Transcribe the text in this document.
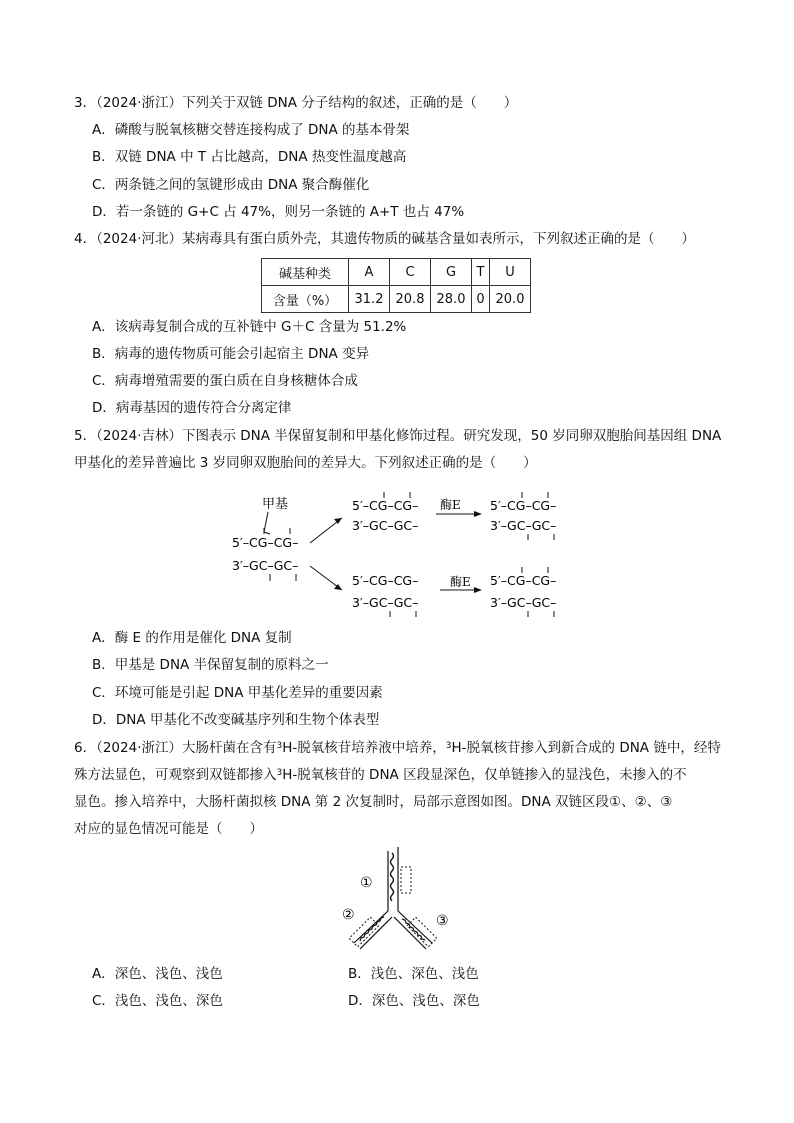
3．（2024·浙江）下列关于双链 DNA 分子结构的叙述，正确的是（　　）
A．磷酸与脱氧核糖交替连接构成了 DNA 的基本骨架
B．双链 DNA 中 T 占比越高，DNA 热变性温度越高
C．两条链之间的氢键形成由 DNA 聚合酶催化
D．若一条链的 G+C 占 47%，则另一条链的 A+T 也占 47%
4．（2024·河北）某病毒具有蛋白质外壳，其遗传物质的碱基含量如表所示，下列叙述正确的是（　　）
碱基种类	A	C	G	T	U
含量（%）	31.2	20.8	28.0	0	20.0
A．该病毒复制合成的互补链中 G＋C 含量为 51.2%
B．病毒的遗传物质可能会引起宿主 DNA 变异
C．病毒增殖需要的蛋白质在自身核糖体合成
D．病毒基因的遗传符合分离定律
5．（2024·吉林）下图表示 DNA 半保留复制和甲基化修饰过程。研究发现，50 岁同卵双胞胎间基因组 DNA
甲基化的差异普遍比 3 岁同卵双胞胎间的差异大。下列叙述正确的是（　　）
甲基
5′–CG–CG–
3′–GC–GC–
5′–CG–CG–
3′–GC–GC–
酶E 5′–CG–CG–
3′–GC–GC–
5′–CG–CG–
3′–GC–GC–
酶E 5′–CG–CG–
3′–GC–GC–
A．酶 E 的作用是催化 DNA 复制
B．甲基是 DNA 半保留复制的原料之一
C．环境可能是引起 DNA 甲基化差异的重要因素
D．DNA 甲基化不改变碱基序列和生物个体表型
6．（2024·浙江）大肠杆菌在含有$^3$H-脱氧核苷培养液中培养，$^3$H-脱氧核苷掺入到新合成的 DNA 链中，经特
殊方法显色，可观察到双链都掺入$^3$H-脱氧核苷的 DNA 区段显深色，仅单链掺入的显浅色，未掺入的不
显色。掺入培养中，大肠杆菌拟核 DNA 第 2 次复制时，局部示意图如图。DNA 双链区段①、②、③
对应的显色情况可能是（　　）
①
②	③
A．深色、浅色、浅色	B．浅色、深色、浅色
C．浅色、浅色、深色	D．深色、浅色、深色
